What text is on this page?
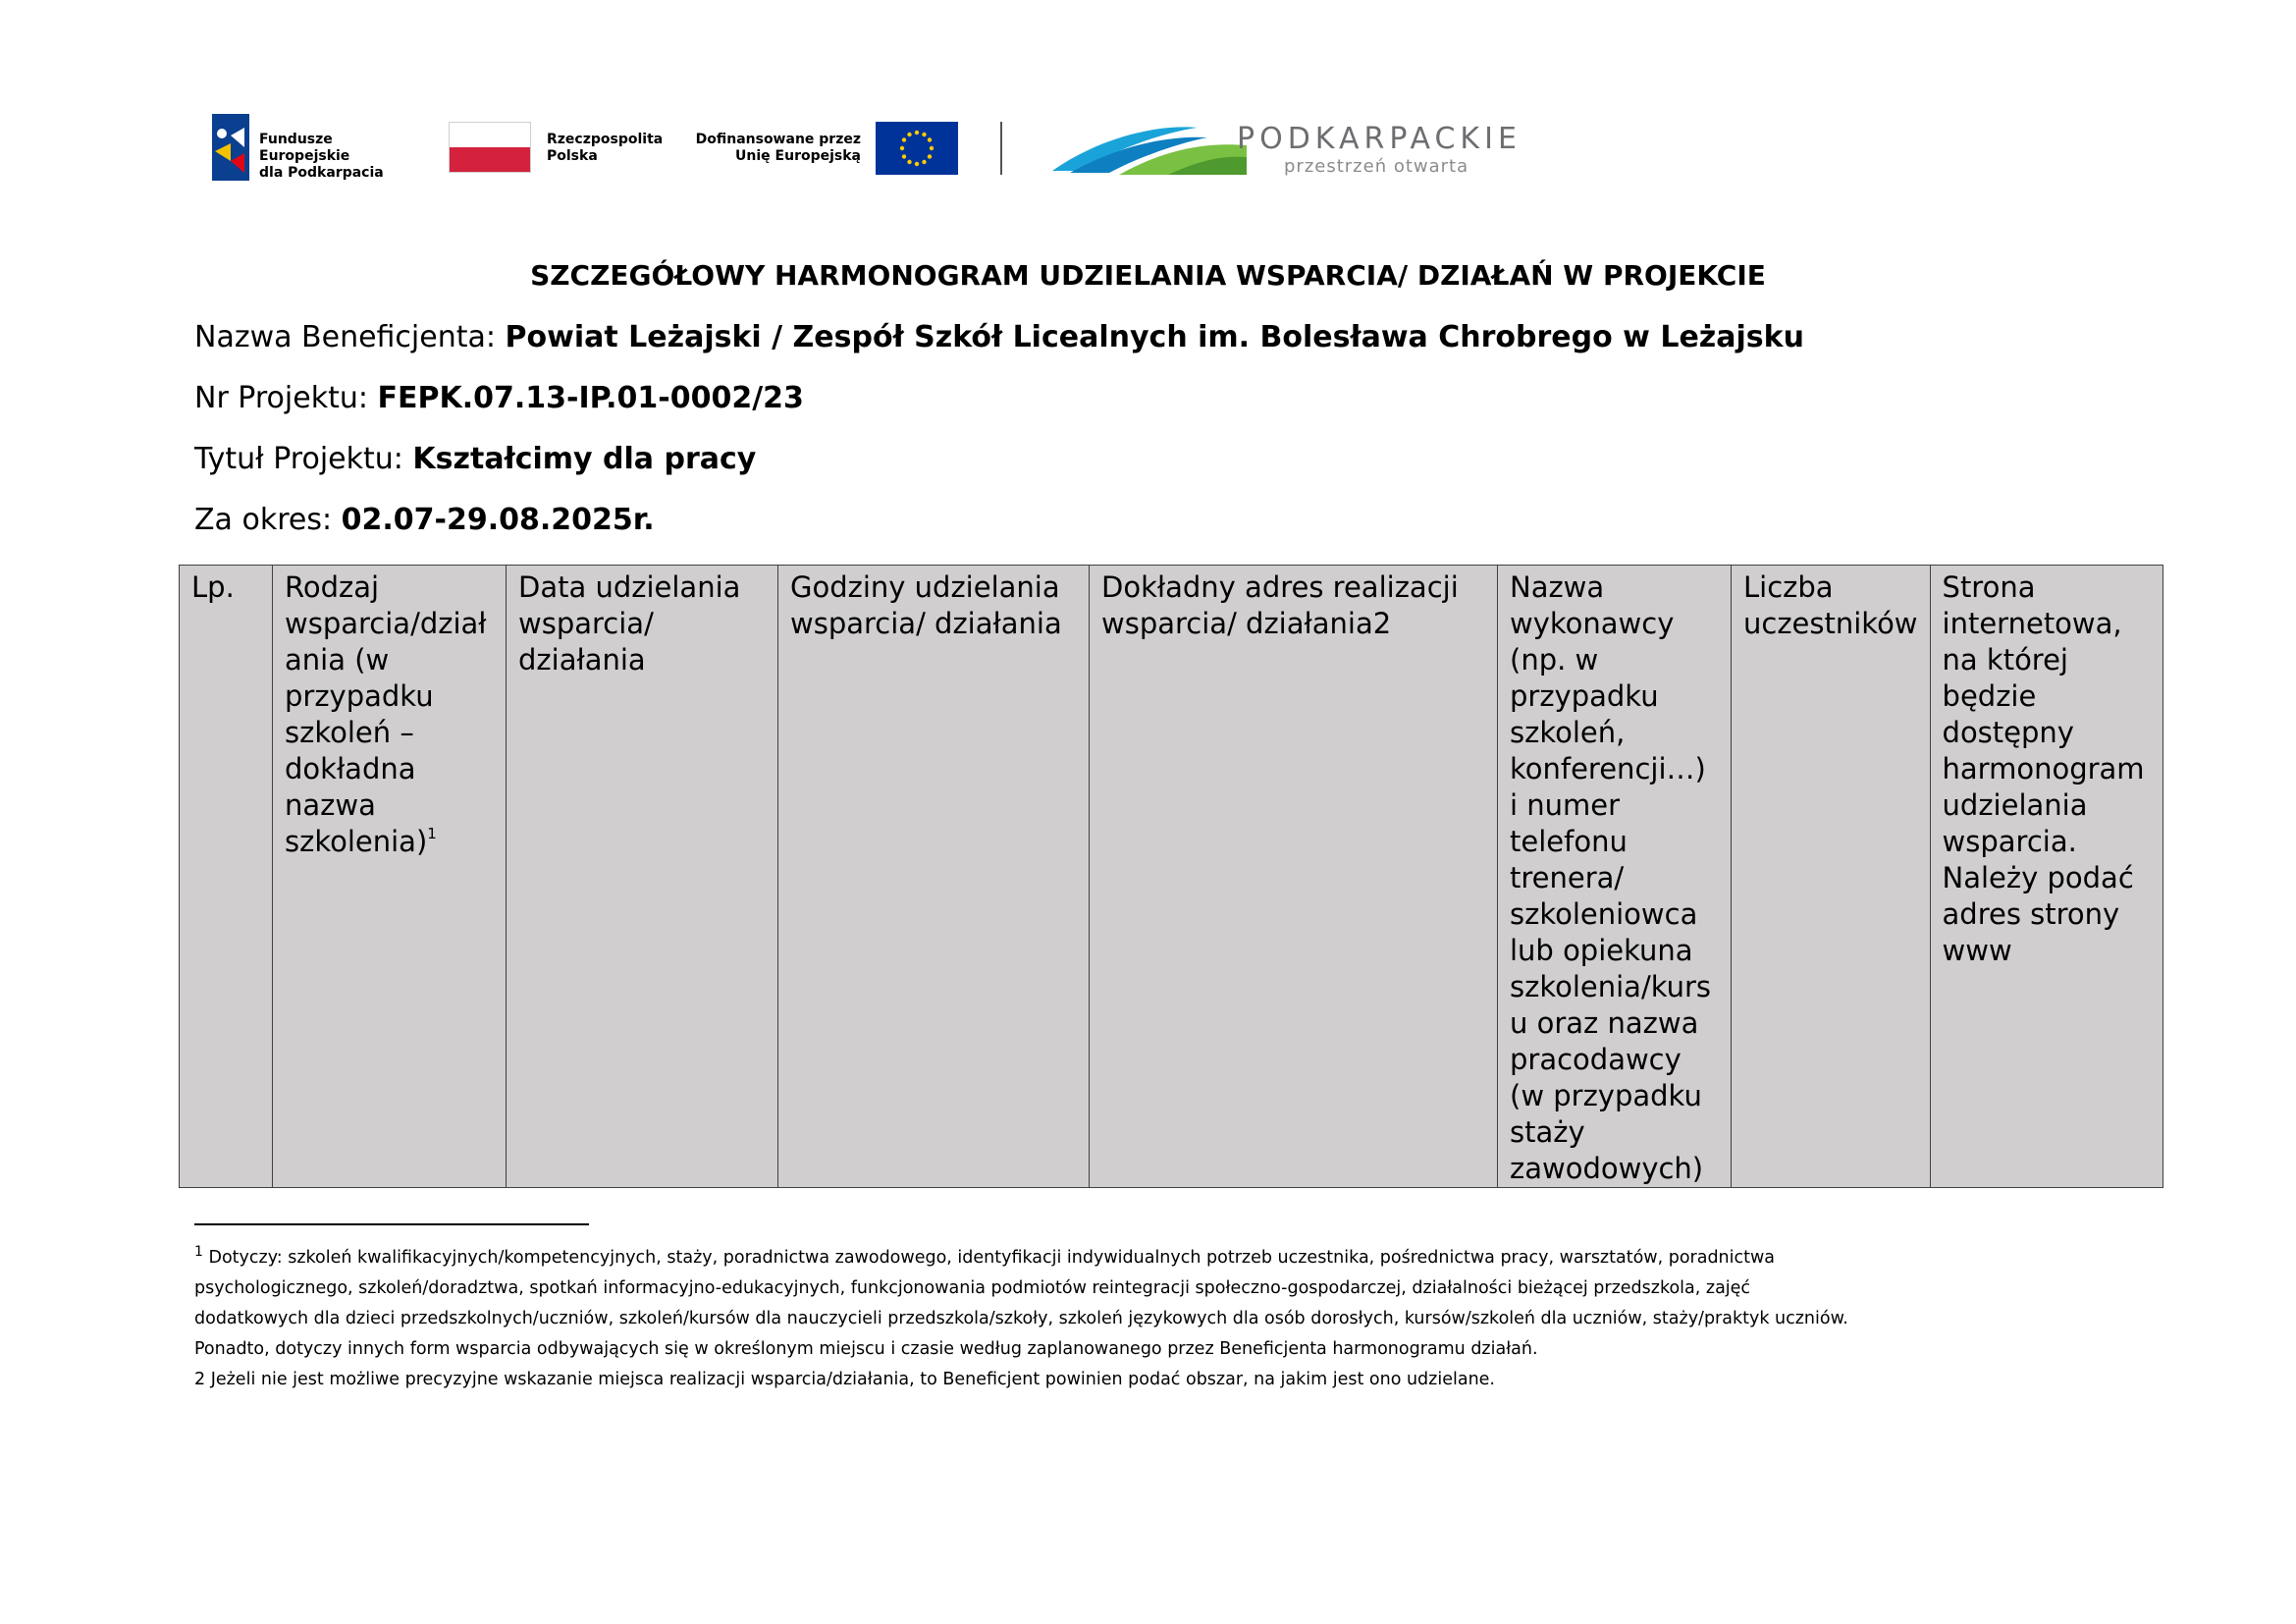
Fundusze Europejskie
dla Podkarpacia
Rzeczpospolita
Polska
Dofinansowane przez
Unię Europejską	PODKARPACKIE
przestrzeń otwarta
SZCZEGÓŁOWY HARMONOGRAM UDZIELANIA WSPARCIA/ DZIAŁAŃ W PROJEKCIE
Nazwa Beneficjenta: Powiat Leżajski / Zespół Szkół Licealnych im. Bolesława Chrobrego w Leżajsku
Nr Projektu: FEPK.07.13-IP.01-0002/23
Tytuł Projektu: Kształcimy dla pracy
Za okres: 02.07-29.08.2025r.
Lp.	Rodzaj wsparcia/dział ania (w przypadku szkoleń – dokładna nazwa szkolenia)$^1$	Data udzielania wsparcia/ działania	Godziny udzielania wsparcia/ działania	Dokładny adres realizacji wsparcia/ działania2	Nazwa wykonawcy (np. w przypadku szkoleń, konferencji…) i numer telefonu trenera/ szkoleniowca lub opiekuna szkolenia/kurs u oraz nazwa pracodawcy (w przypadku staży zawodowych)	Liczba uczestników	Strona internetowa, na której będzie dostępny harmonogram udzielania wsparcia. Należy podać adres strony www

$^1$ Dotyczy: szkoleń kwalifikacyjnych/kompetencyjnych, staży, poradnictwa zawodowego, identyfikacji indywidualnych potrzeb uczestnika, pośrednictwa pracy, warsztatów, poradnictwa psychologicznego, szkoleń/doradztwa, spotkań informacyjno-edukacyjnych, funkcjonowania podmiotów reintegracji społeczno-gospodarczej, działalności bieżącej przedszkola, zajęć dodatkowych dla dzieci przedszkolnych/uczniów, szkoleń/kursów dla nauczycieli przedszkola/szkoły, szkoleń językowych dla osób dorosłych, kursów/szkoleń dla uczniów, staży/praktyk uczniów. Ponadto, dotyczy innych form wsparcia odbywających się w określonym miejscu i czasie według zaplanowanego przez Beneficjenta harmonogramu działań.

2 Jeżeli nie jest możliwe precyzyjne wskazanie miejsca realizacji wsparcia/działania, to Beneficjent powinien podać obszar, na jakim jest ono udzielane.
